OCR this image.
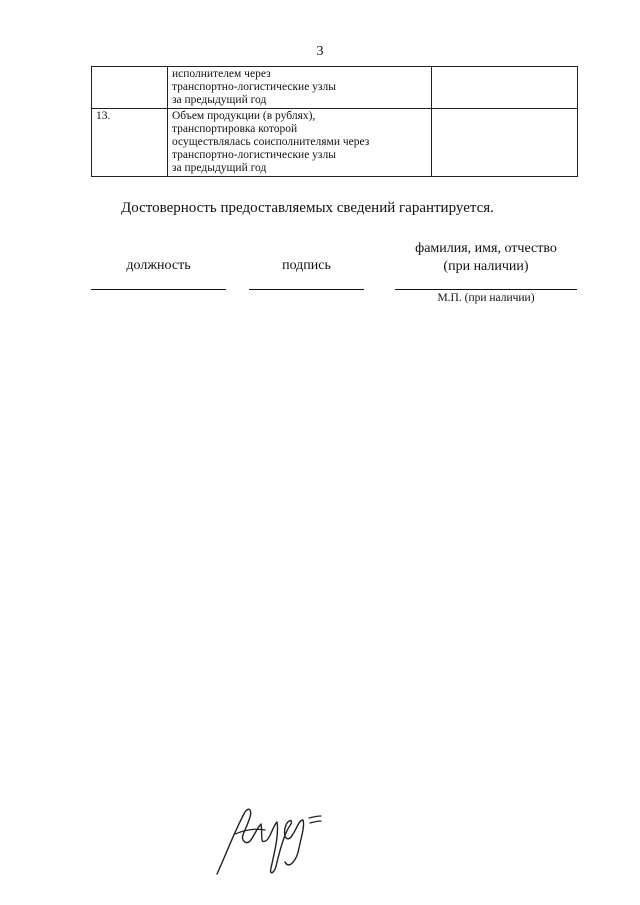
3

	исполнителем через
транспортно-логистические узлы
за предыдущий год	

13.	Объем продукции (в рублях),
транспортировка которой
осуществлялась соисполнителями через
транспортно-логистические узлы
за предыдущий год	

Достоверность предоставляемых сведений гарантируется.
должность	подпись
фамилия, имя, отчество
(при наличии)
М.П. (при наличии)
